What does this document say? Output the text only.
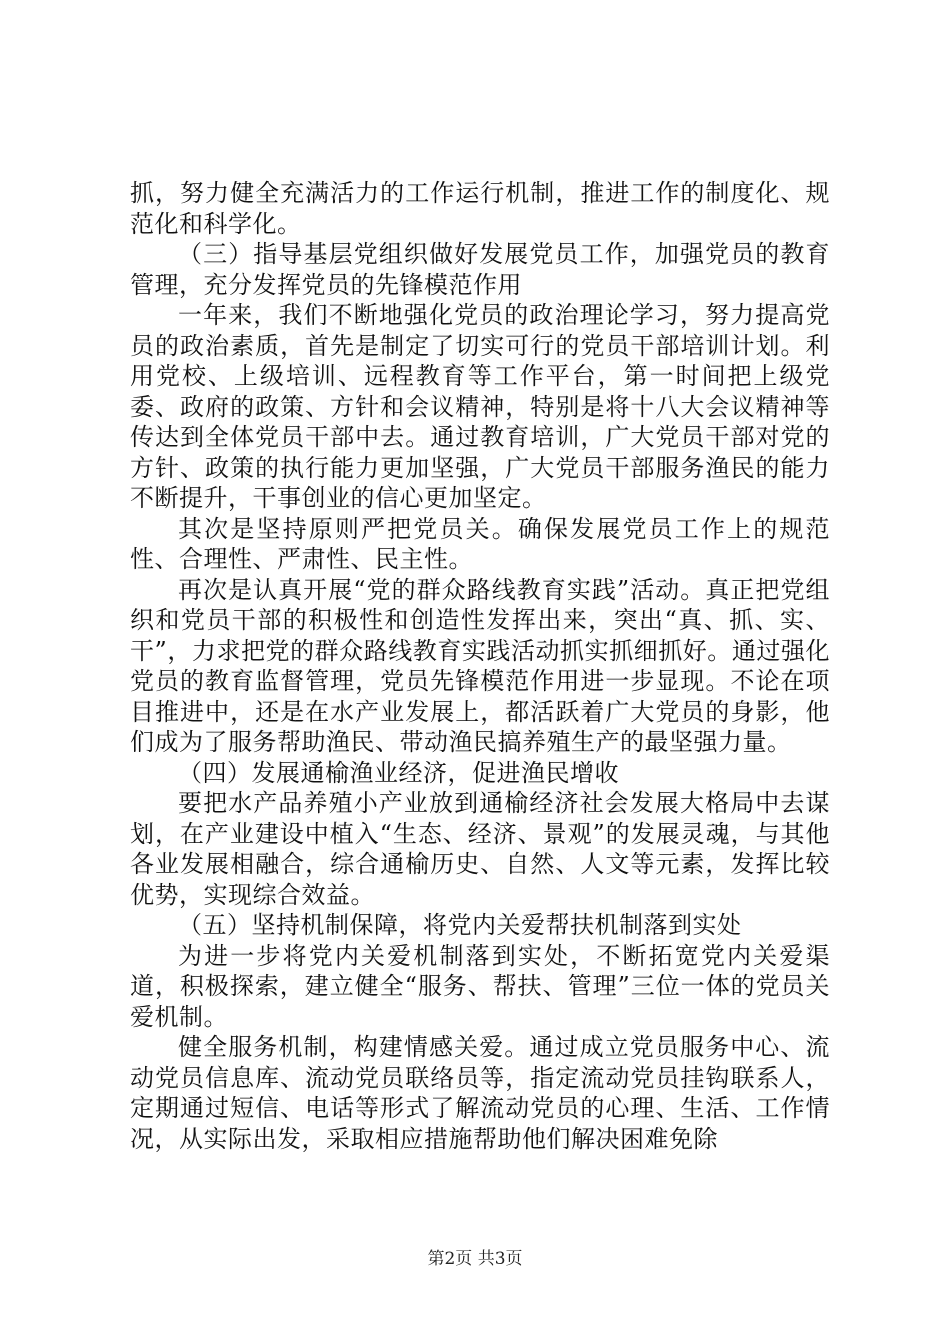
抓，努力健全充满活力的工作运行机制，推进工作的制度化、规范化和科学化。

（三）指导基层党组织做好发展党员工作，加强党员的教育管理，充分发挥党员的先锋模范作用

一年来，我们不断地强化党员的政治理论学习，努力提高党员的政治素质，首先是制定了切实可行的党员干部培训计划。利用党校、上级培训、远程教育等工作平台，第一时间把上级党委、政府的政策、方针和会议精神，特别是将十八大会议精神等传达到全体党员干部中去。通过教育培训，广大党员干部对党的方针、政策的执行能力更加坚强，广大党员干部服务渔民的能力不断提升，干事创业的信心更加坚定。

其次是坚持原则严把党员关。确保发展党员工作上的规范性、合理性、严肃性、民主性。

再次是认真开展“党的群众路线教育实践”活动。真正把党组织和党员干部的积极性和创造性发挥出来，突出“真、抓、实、干”，力求把党的群众路线教育实践活动抓实抓细抓好。通过强化党员的教育监督管理，党员先锋模范作用进一步显现。不论在项目推进中，还是在水产业发展上，都活跃着广大党员的身影，他们成为了服务帮助渔民、带动渔民搞养殖生产的最坚强力量。

（四）发展通榆渔业经济，促进渔民增收

要把水产品养殖小产业放到通榆经济社会发展大格局中去谋划，在产业建设中植入“生态、经济、景观”的发展灵魂，与其他各业发展相融合，综合通榆历史、自然、人文等元素，发挥比较优势，实现综合效益。

（五）坚持机制保障，将党内关爱帮扶机制落到实处

为进一步将党内关爱机制落到实处，不断拓宽党内关爱渠道，积极探索，建立健全“服务、帮扶、管理”三位一体的党员关爱机制。

健全服务机制，构建情感关爱。通过成立党员服务中心、流动党员信息库、流动党员联络员等，指定流动党员挂钩联系人，定期通过短信、电话等形式了解流动党员的心理、生活、工作情况，从实际出发，采取相应措施帮助他们解决困难免除

第2页 共3页
